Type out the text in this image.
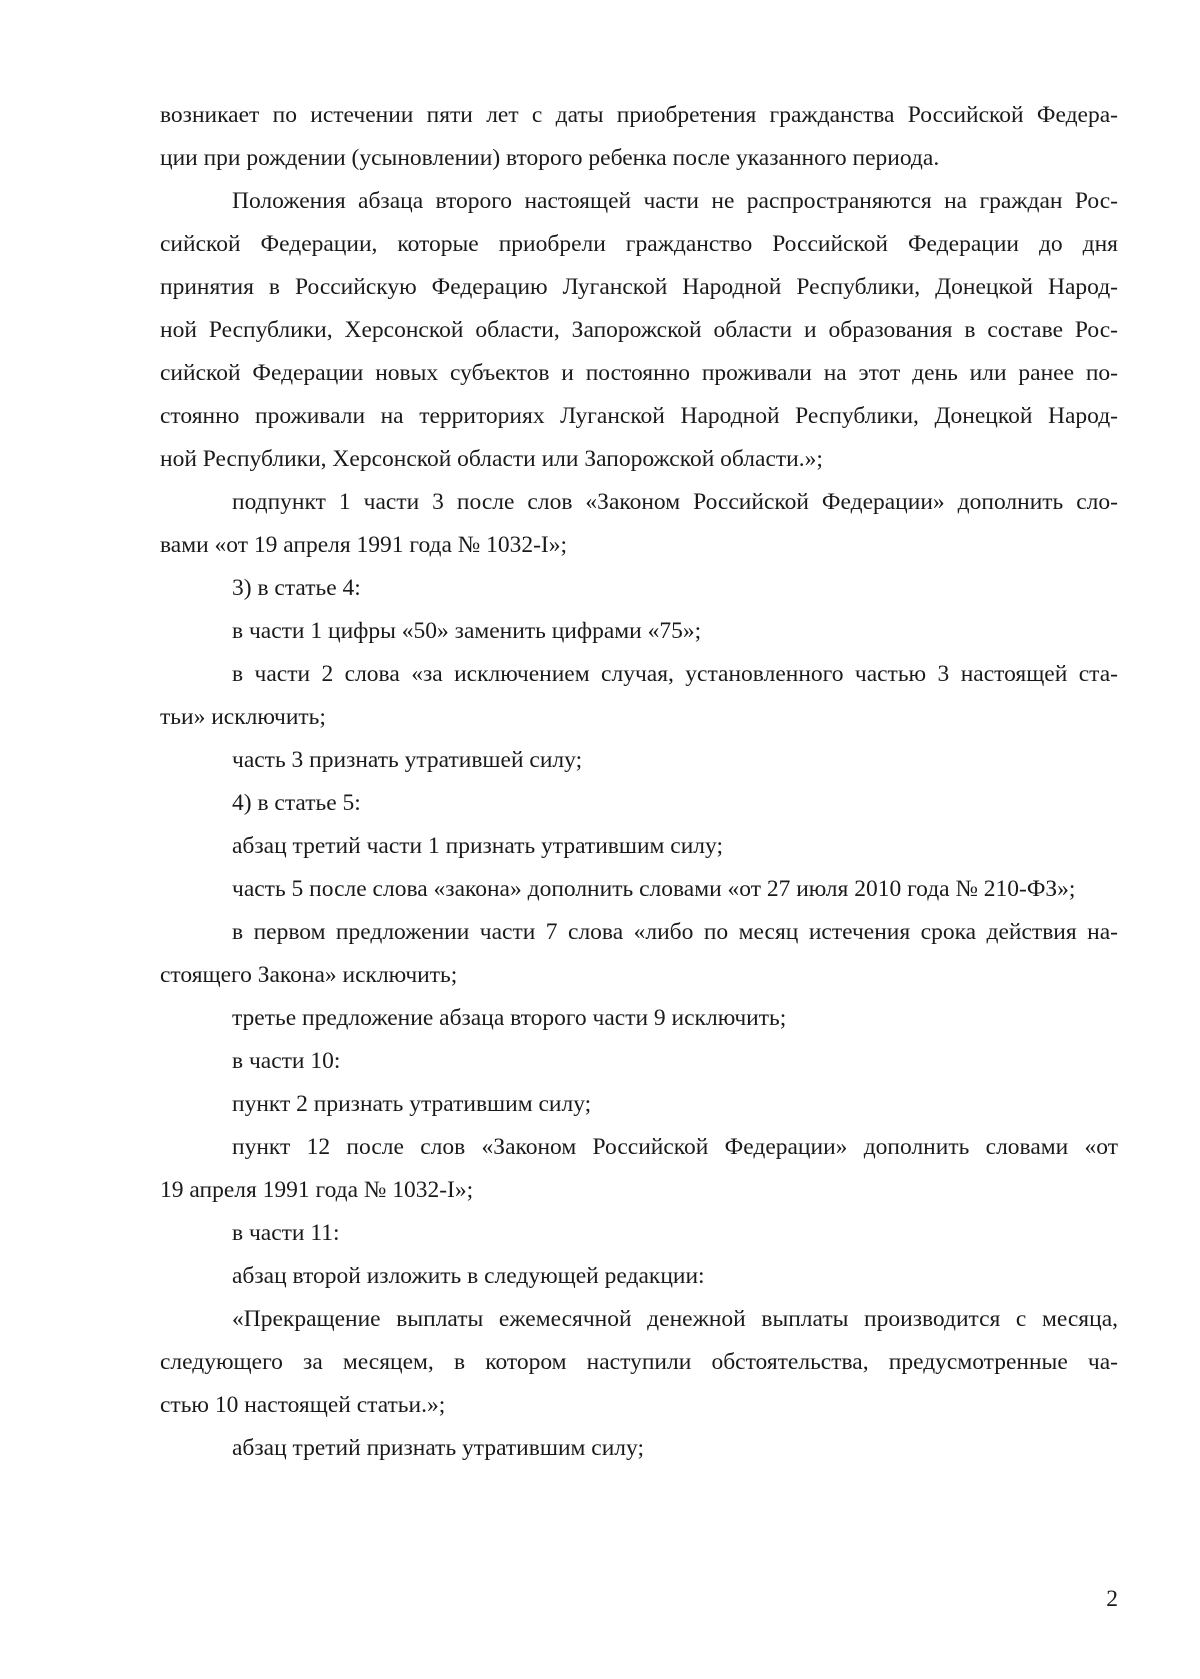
возникает по истечении пяти лет с даты приобретения гражданства Российской Федера-
ции при рождении (усыновлении) второго ребенка после указанного периода.
Положения абзаца второго настоящей части не распространяются на граждан Рос-
сийской Федерации, которые приобрели гражданство Российской Федерации до дня
принятия в Российскую Федерацию Луганской Народной Республики, Донецкой Народ-
ной Республики, Херсонской области, Запорожской области и образования в составе Рос-
сийской Федерации новых субъектов и постоянно проживали на этот день или ранее по-
стоянно проживали на территориях Луганской Народной Республики, Донецкой Народ-
ной Республики, Херсонской области или Запорожской области.»;
подпункт 1 части 3 после слов «Законом Российской Федерации» дополнить сло-
вами «от 19 апреля 1991 года № 1032-I»;
3) в статье 4:
в части 1 цифры «50» заменить цифрами «75»;
в части 2 слова «за исключением случая, установленного частью 3 настоящей ста-
тьи» исключить;
часть 3 признать утратившей силу;
4) в статье 5:
абзац третий части 1 признать утратившим силу;
часть 5 после слова «закона» дополнить словами «от 27 июля 2010 года № 210-ФЗ»;
в первом предложении части 7 слова «либо по месяц истечения срока действия на-
стоящего Закона» исключить;
третье предложение абзаца второго части 9 исключить;
в части 10:
пункт 2 признать утратившим силу;
пункт 12 после слов «Законом Российской Федерации» дополнить словами «от
19 апреля 1991 года № 1032-I»;
в части 11:
абзац второй изложить в следующей редакции:
«Прекращение выплаты ежемесячной денежной выплаты производится с месяца,
следующего за месяцем, в котором наступили обстоятельства, предусмотренные ча-
стью 10 настоящей статьи.»;
абзац третий признать утратившим силу;
2
